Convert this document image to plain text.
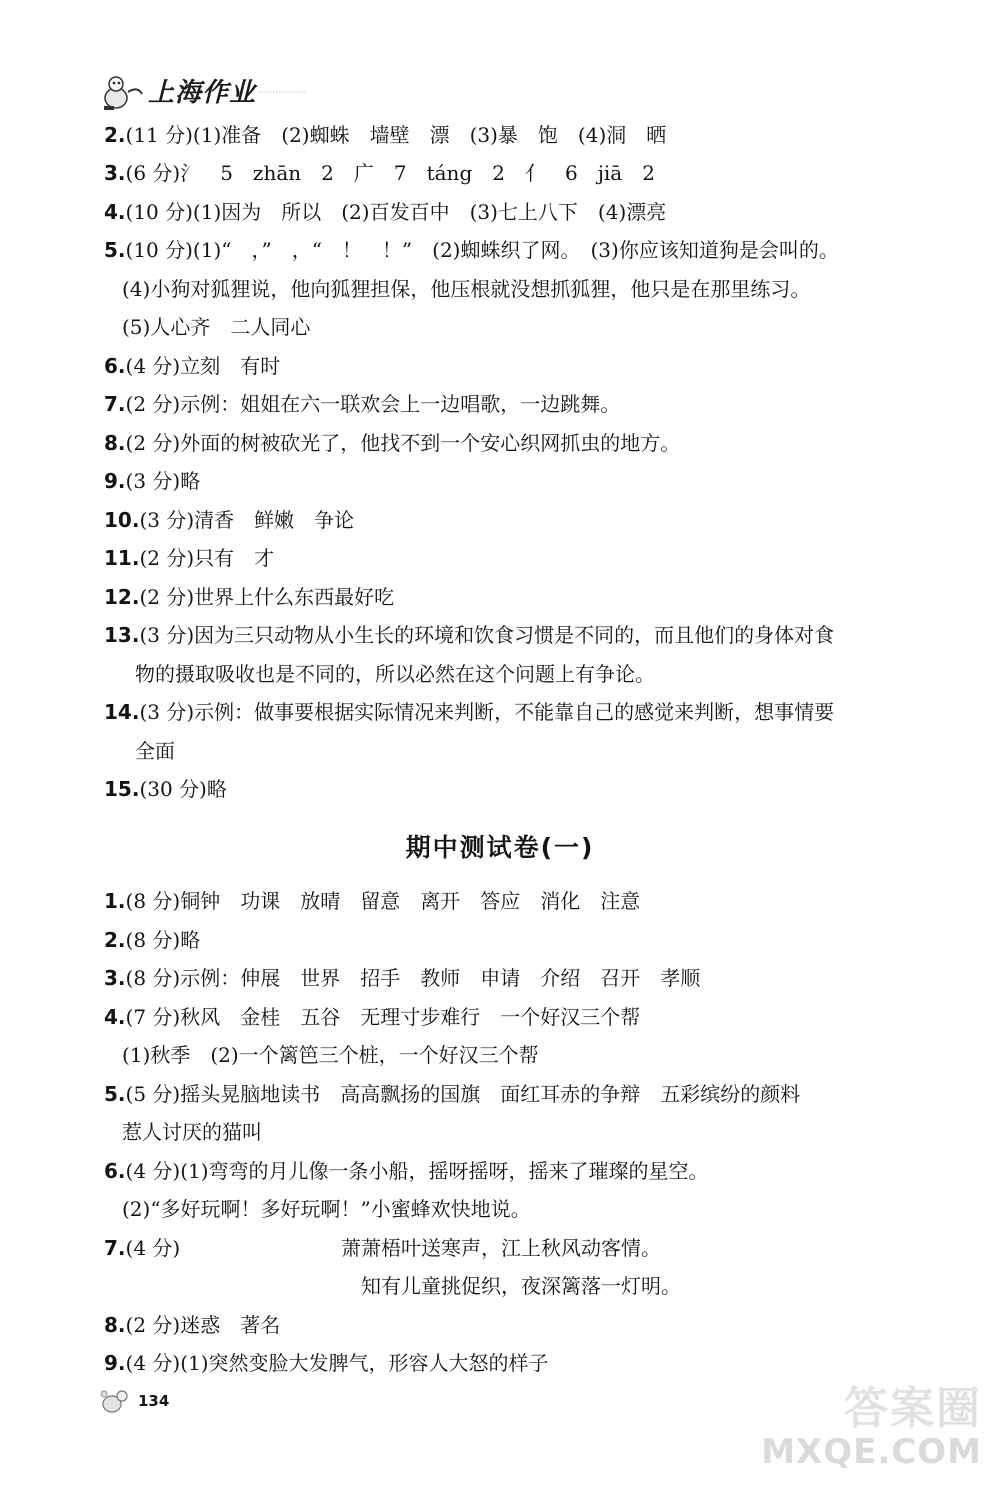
上海作业 ·················
2.(11 分)(1)准备　(2)蜘蛛　墙壁　漂　(3)暴　饱　(4)洞　晒
3.(6 分)氵　5　zhān　2　广　7　táng　2　亻　6　jiā　2
4.(10 分)(1)因为　所以　(2)百发百中　(3)七上八下　(4)漂亮
5.(10 分)(1)“　，”　，“　！　！”　(2)蜘蛛织了网。　(3)你应该知道狗是会叫的。
(4)小狗对狐狸说，他向狐狸担保，他压根就没想抓狐狸，他只是在那里练习。
(5)人心齐　二人同心
6.(4 分)立刻　有时
7.(2 分)示例：姐姐在六一联欢会上一边唱歌，一边跳舞。
8.(2 分)外面的树被砍光了，他找不到一个安心织网抓虫的地方。
9.(3 分)略
10.(3 分)清香　鲜嫩　争论
11.(2 分)只有　才
12.(2 分)世界上什么东西最好吃
13.(3 分)因为三只动物从小生长的环境和饮食习惯是不同的，而且他们的身体对食
物的摄取吸收也是不同的，所以必然在这个问题上有争论。
14.(3 分)示例：做事要根据实际情况来判断，不能靠自己的感觉来判断，想事情要
全面
15.(30 分)略
期中测试卷(一)
1.(8 分)铜钟　功课　放晴　留意　离开　答应　消化　注意
2.(8 分)略
3.(8 分)示例：伸展　世界　招手　教师　申请　介绍　召开　孝顺
4.(7 分)秋风　金桂　五谷　无理寸步难行　一个好汉三个帮
(1)秋季　(2)一个篱笆三个桩，一个好汉三个帮
5.(5 分)摇头晃脑地读书　高高飘扬的国旗　面红耳赤的争辩　五彩缤纷的颜料
惹人讨厌的猫叫
6.(4 分)(1)弯弯的月儿像一条小船，摇呀摇呀，摇来了璀璨的星空。
(2)“多好玩啊！多好玩啊！”小蜜蜂欢快地说。
7.(4 分)	萧萧梧叶送寒声，江上秋风动客情。
知有儿童挑促织，夜深篱落一灯明。
8.(2 分)迷惑　著名
9.(4 分)(1)突然变脸大发脾气，形容人大怒的样子
134	答案圈
MXQE.COM
